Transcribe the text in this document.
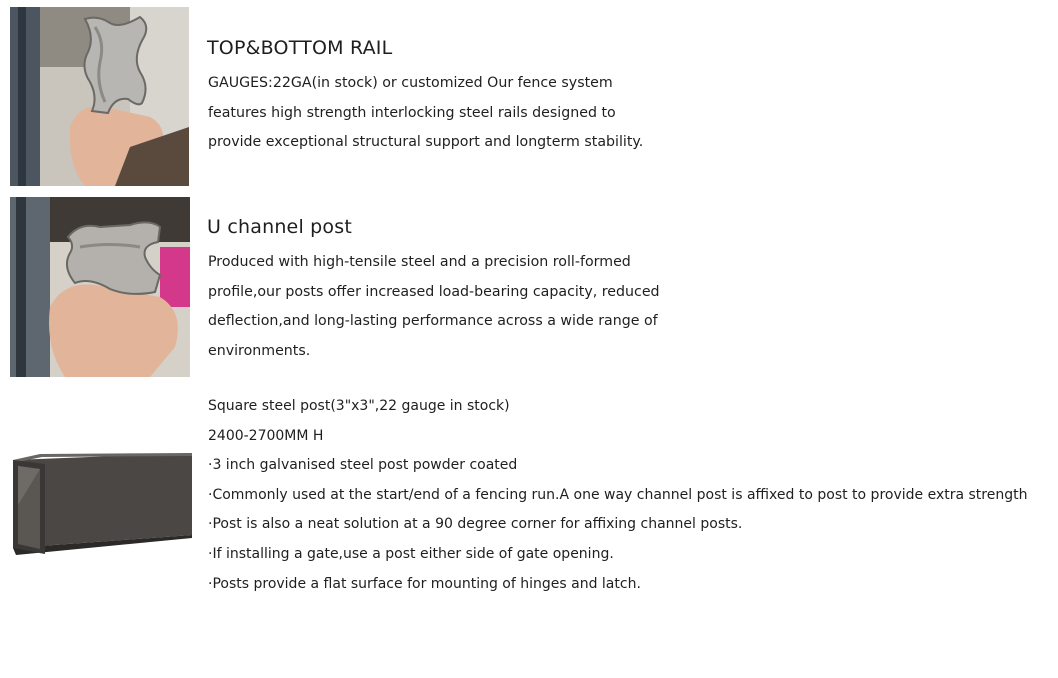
TOP&BOTTOM RAIL
GAUGES:22GA(in stock) or customized Our fence system
features high strength interlocking steel rails designed to
provide exceptional structural support and longterm stability.
U channel post
Produced with high-tensile steel and a precision roll-formed
profile,our posts offer increased load-bearing capacity, reduced
deflection,and long-lasting performance across a wide range of
environments.
Square steel post(3"x3",22 gauge in stock)
2400-2700MM H
·3 inch galvanised steel post powder coated
·Commonly used at the start/end of a fencing run.A one way channel post is affixed to post to provide extra strength
·Post is also a neat solution at a 90 degree corner for affixing channel posts.
·If installing a gate,use a post either side of gate opening.
·Posts provide a flat surface for mounting of hinges and latch.
